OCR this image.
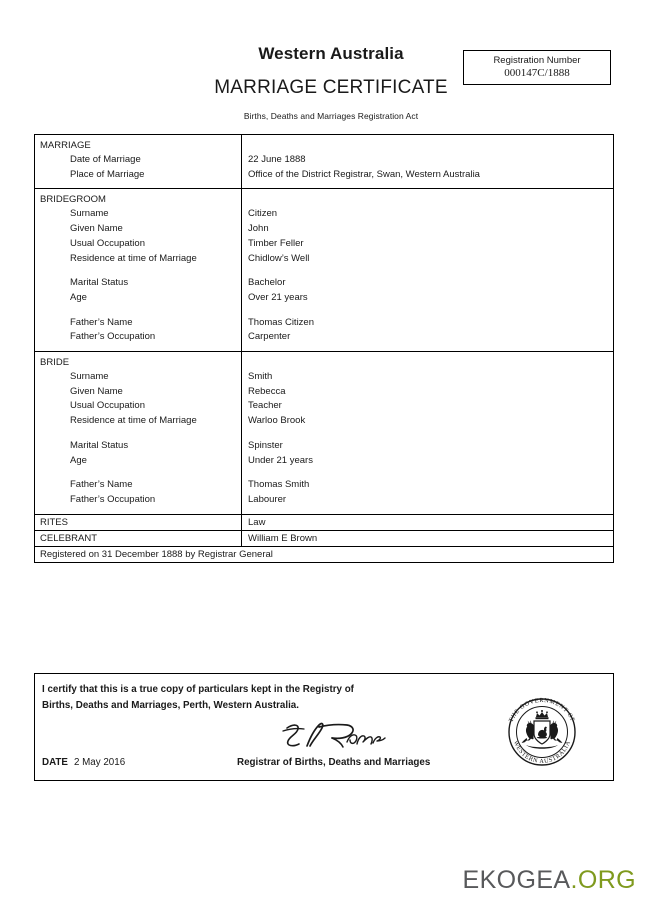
Western Australia
MARRIAGE CERTIFICATE
Births, Deaths and Marriages Registration Act
Registration Number
000147C/1888
MARRIAGE
Date of Marriage	22 June 1888
Place of Marriage	Office of the District Registrar, Swan, Western Australia
BRIDEGROOM
Surname	Citizen
Given Name	John
Usual Occupation	Timber Feller
Residence at time of Marriage	Chidlow’s Well
Marital Status	Bachelor
Age	Over 21 years
Father’s Name	Thomas Citizen
Father’s Occupation	Carpenter
BRIDE
Surname	Smith
Given Name	Rebecca
Usual Occupation	Teacher
Residence at time of Marriage	Warloo Brook
Marital Status	Spinster
Age	Under 21 years
Father’s Name	Thomas Smith
Father’s Occupation	Labourer
RITES	Law
CELEBRANT	William E Brown
Registered on 31 December 1888 by Registrar General
I certify that this is a true copy of particulars kept in the Registry of
Births, Deaths and Marriages, Perth, Western Australia.
DATE 2 May 2016	Registrar of Births, Deaths and Marriages
THE GOVERNMENT OF
WESTERN AUSTRALIA
EKOGEA.ORG
